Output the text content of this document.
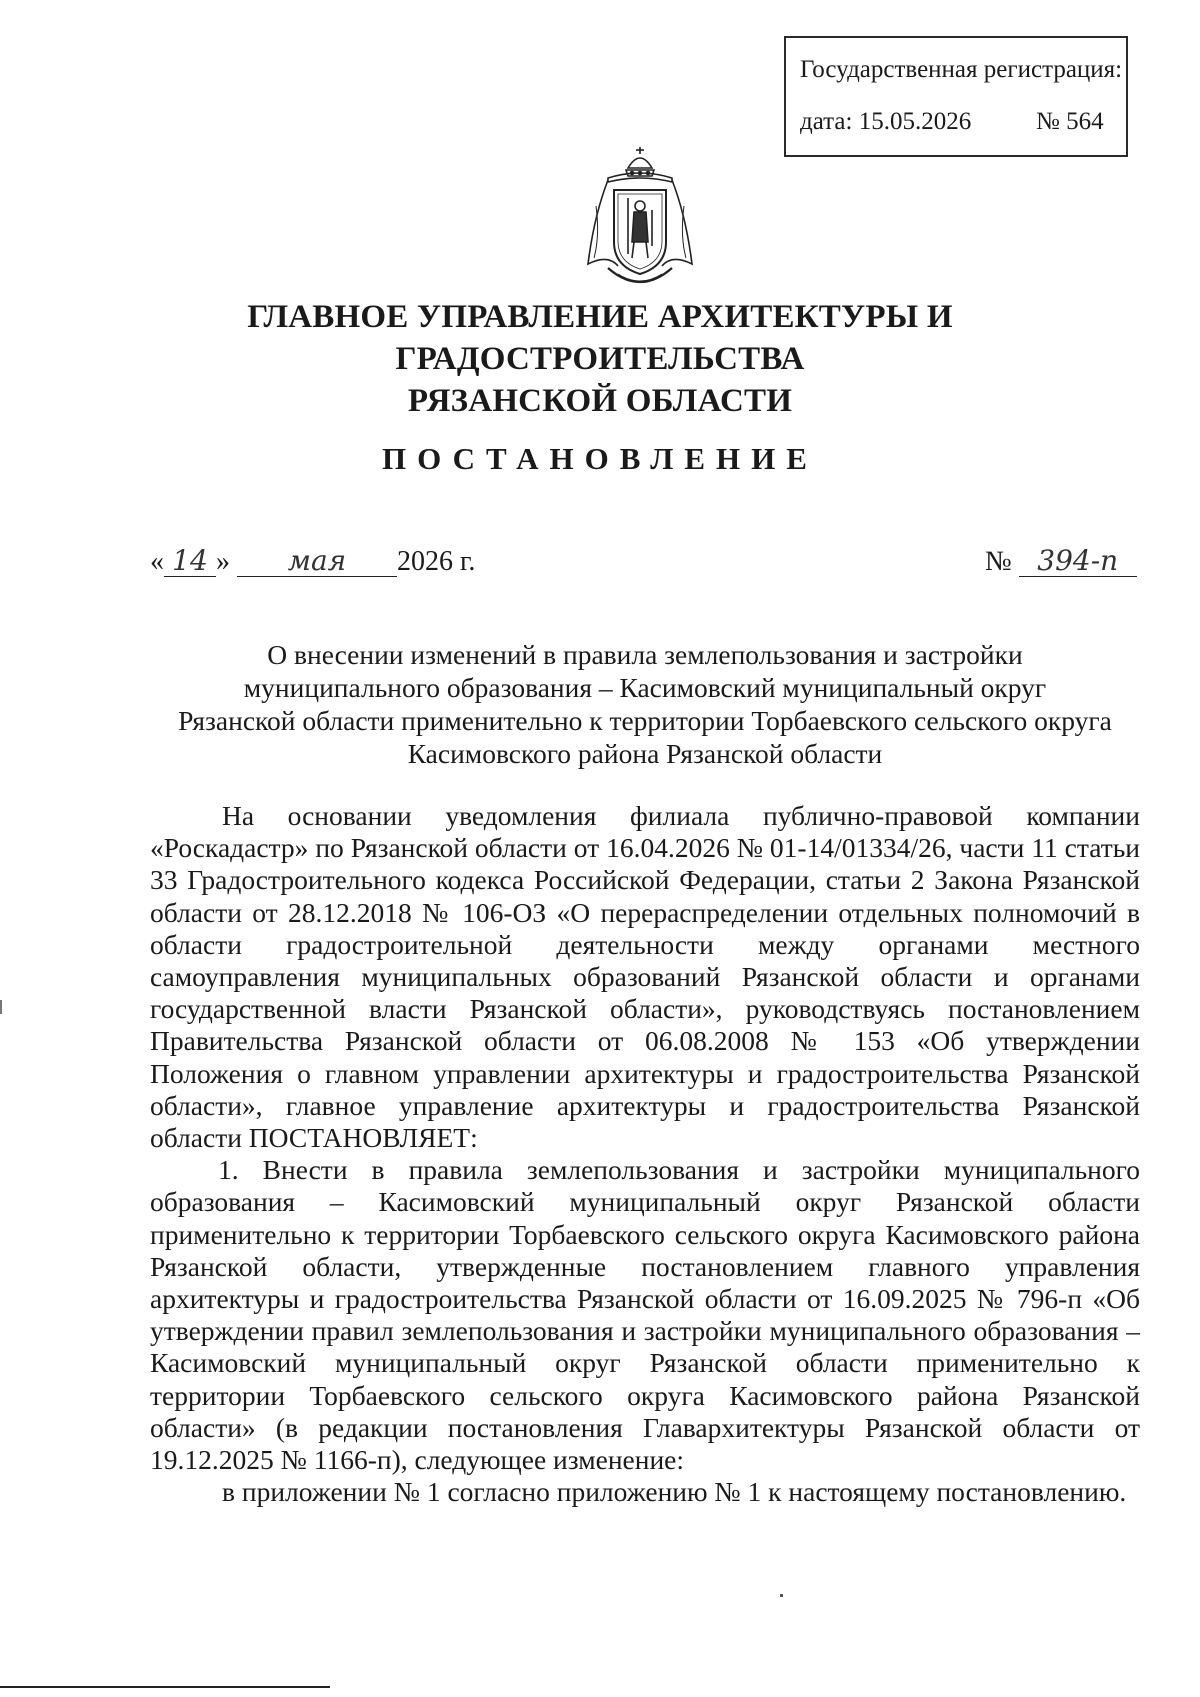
Государственная регистрация:
дата: 15.05.2026	№ 564
ГЛАВНОЕ УПРАВЛЕНИЕ АРХИТЕКТУРЫ И ГРАДОСТРОИТЕЛЬСТВА
РЯЗАНСКОЙ ОБЛАСТИ
ПОСТАНОВЛЕНИЕ
« 14 » мая 2026 г.	№ 394-п
О внесении изменений в правила землепользования и застройки
муниципального образования – Касимовский муниципальный округ
Рязанской области применительно к территории Торбаевского сельского округа
Касимовского района Рязанской области

На основании уведомления филиала публично-правовой компании «Роскадастр» по Рязанской области от 16.04.2026 № 01-14/01334/26, части 11 статьи 33 Градостроительного кодекса Российской Федерации, статьи 2 Закона Рязанской области от 28.12.2018 № 106-ОЗ «О перераспределении отдельных полномочий в области градостроительной деятельности между органами местного самоуправления муниципальных образований Рязанской области и органами государственной власти Рязанской области», руководствуясь постановлением Правительства Рязанской области от 06.08.2008 № 153 «Об утверждении Положения о главном управлении архитектуры и градостроительства Рязанской области», главное управление архитектуры и градостроительства Рязанской области ПОСТАНОВЛЯЕТ:

1. Внести в правила землепользования и застройки муниципального образования – Касимовский муниципальный округ Рязанской области применительно к территории Торбаевского сельского округа Касимовского района Рязанской области, утвержденные постановлением главного управления архитектуры и градостроительства Рязанской области от 16.09.2025 № 796-п «Об утверждении правил землепользования и застройки муниципального образования – Касимовский муниципальный округ Рязанской области применительно к территории Торбаевского сельского округа Касимовского района Рязанской области» (в редакции постановления Главархитектуры Рязанской области от 19.12.2025 № 1166-п), следующее изменение:

в приложении № 1 согласно приложению № 1 к настоящему постановлению.
